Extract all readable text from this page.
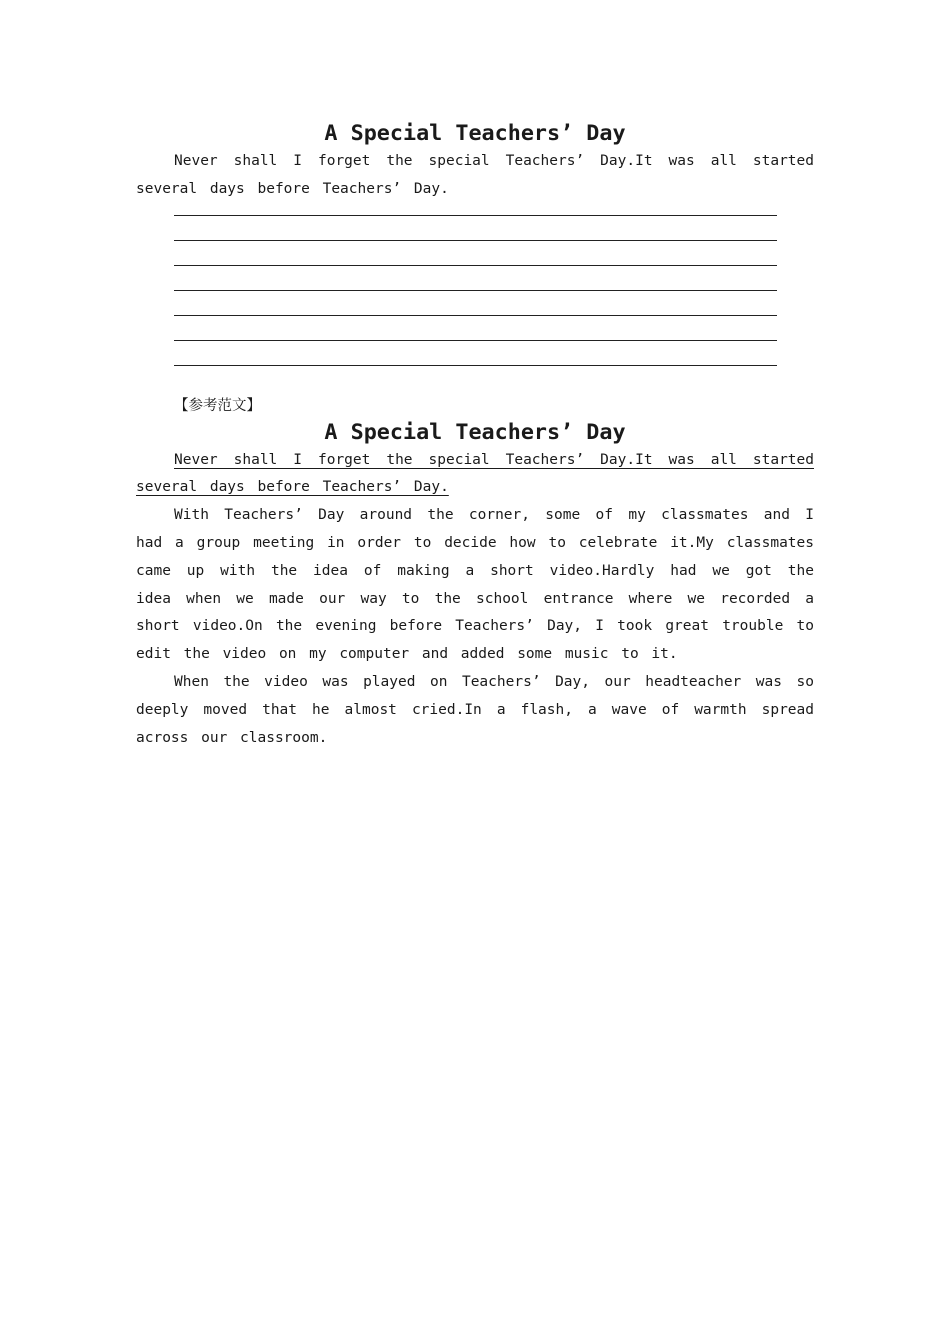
A Special Teachers’ Day

Never shall I forget the special Teachers’ Day.It was all started several days before Teachers’ Day.

【参考范文】

A Special Teachers’ Day

Never shall I forget the special Teachers’ Day.It was all started several days before Teachers’ Day.

With Teachers’ Day around the corner, some of my classmates and I had a group meeting in order to decide how to celebrate it.My classmates came up with the idea of making a short video.Hardly had we got the idea when we made our way to the school entrance where we recorded a short video.On the evening before Teachers’ Day, I took great trouble to edit the video on my computer and added some music to it.

When the video was played on Teachers’ Day, our headteacher was so deeply moved that he almost cried.In a flash, a wave of warmth spread across our classroom.
